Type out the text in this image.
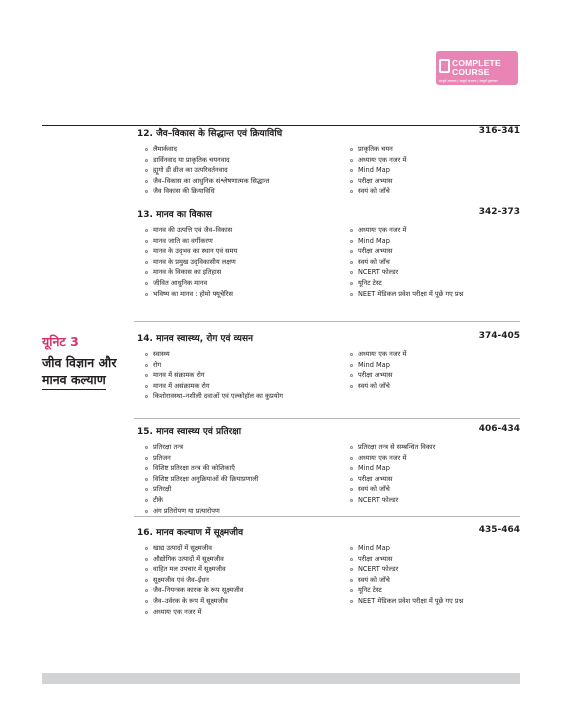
COMPLETE
COURSE
सम्पूर्ण अध्ययन | सम्पूर्ण अभ्यास | सम्पूर्ण मूल्यांकन
यूनिट 3
जीव विज्ञान और
मानव कल्याण
12. जैव–विकास के सिद्धान्त एवं क्रियाविधि	316-341
लैमार्कवाद
डार्विनवाद या प्राकृतिक चयनवाद
ह्यूगो डी व्रीज का उत्परिवर्तनवाद
जैव–विकास का आधुनिक संश्लेषणात्मक सिद्धान्त
जैव विकास की क्रियाविधि
प्राकृतिक चयन
अध्यायः एक नजर में
Mind Map
परीक्षा अभ्यास
स्वयं को जाँचे
13. मानव का विकास	342-373
मानव की उत्पत्ति एवं जैव–विकास
मानव जाति का वर्गीकरण
मानव के उद्‌भव का स्थान एवं समय
मानव के प्रमुख उद्‌विकासीय लक्षण
मानव के विकास का इतिहास
जीवित आधुनिक मानव
भविष्य का मानव : होमो फ्यूचेरिस
अध्यायः एक नजर में
Mind Map
परीक्षा अभ्यास
स्वयं को जाँच
NCERT फोल्डर
यूनिट टेस्ट
NEET मेडिकल प्रवेश परीक्षा में पूछे गए प्रश्न
14. मानव स्वास्थ्य, रोग एवं व्यसन	374-405
स्वास्थ्य
रोग
मानव में संक्रामक रोग
मानव में असंक्रामक रोग
किशोरावस्था–नशीली दवाओं एवं एल्कोहॉल का कुप्रयोग
अध्यायः एक नजर में
Mind Map
परीक्षा अभ्यास
स्वयं को जाँचे
15. मानव स्वास्थ्य एवं प्रतिरक्षा	406-434
प्रतिरक्षा तन्त्र
प्रतिजन
विशिष्ट प्रतिरक्षा तन्त्र की कोशिकाएँ
विशिष्ट प्रतिरक्षा अनुक्रियाओं की क्रियाप्रणाली
प्रतिरक्षी
टीके
अंग प्रतिरोपण या प्रत्यारोपण
प्रतिरक्षा तन्त्र से सम्बन्धित विकार
अध्यायः एक नजर में
Mind Map
परीक्षा अभ्यास
स्वयं को जाँचे
NCERT फोल्डर
16. मानव कल्याण में सूक्ष्मजीव	435-464
खाद्य उत्पादों में सूक्ष्मजीव
औद्योगिक उत्पादों में सूक्ष्मजीव
वाहित मल उपचार में सूक्ष्मजीव
सूक्ष्मजीव एवं जैव–ईंधन
जैव–नियन्त्रक कारक के रूप सूक्ष्मजीव
जैव–उर्वरक के रूप में सूक्ष्मजीव
अध्यायः एक नजर में
Mind Map
परीक्षा अभ्यास
NCERT फोल्डर
स्वयं को जाँचे
यूनिट टेस्ट
NEET मेडिकल प्रवेश परीक्षा में पूछे गए प्रश्न
